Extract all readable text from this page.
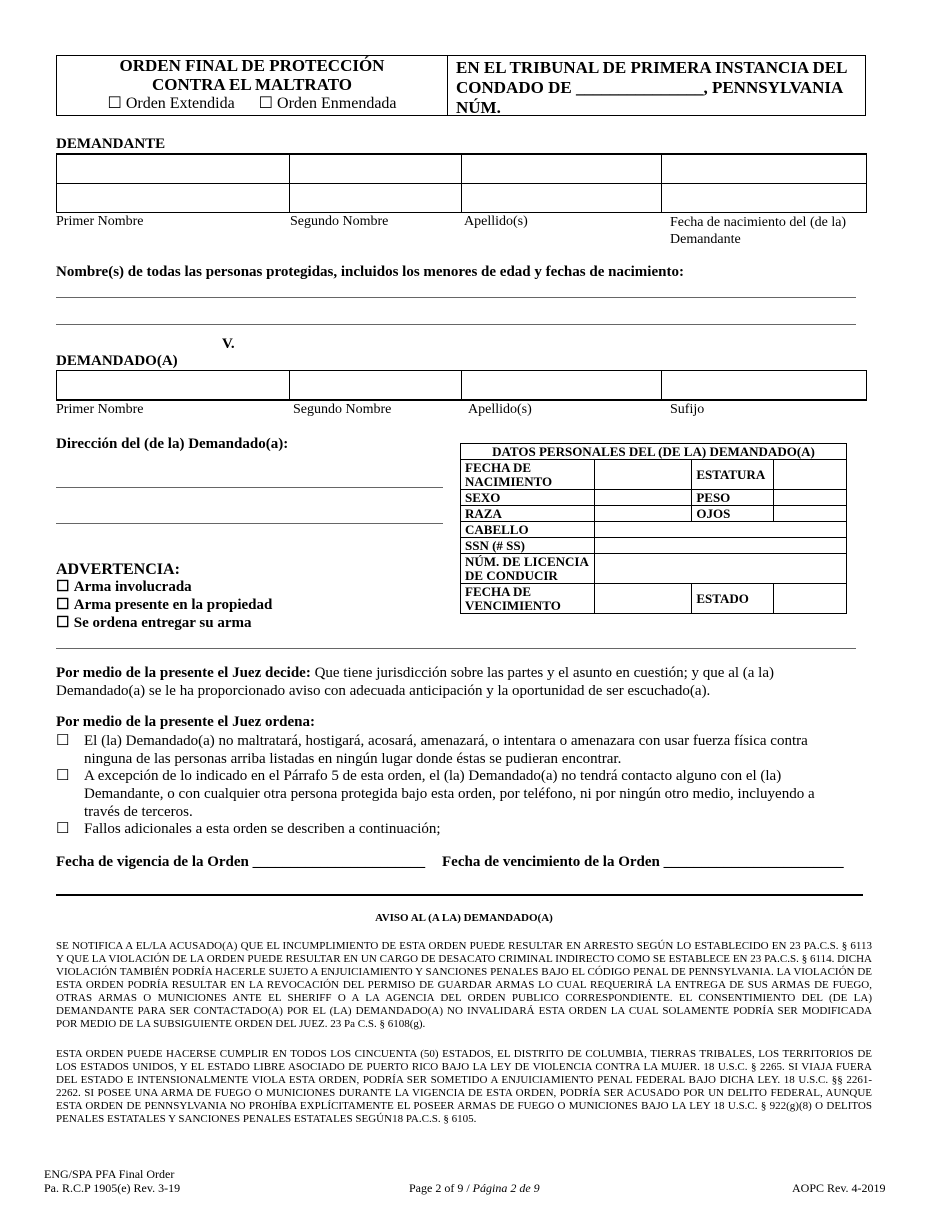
ORDEN FINAL DE PROTECCIÓN
CONTRA EL MALTRATO
☐ Orden Extendida ☐ Orden Enmendada
EN EL TRIBUNAL DE PRIMERA INSTANCIA DEL
CONDADO DE _______________, PENNSYLVANIA
NÚM.
DEMANDANTE
Primer Nombre	Segundo Nombre	Apellido(s)	Fecha de nacimiento del (de la)
Demandante
Nombre(s) de todas las personas protegidas, incluidos los menores de edad y fechas de nacimiento:
V.
DEMANDADO(A)
Primer Nombre	Segundo Nombre	Apellido(s)	Sufijo
Dirección del (de la) Demandado(a):	DATOS PERSONALES DEL (DE LA) DEMANDADO(A)			
FECHA DE NACIMIENTO		ESTATURA	
SEXO		PESO	
RAZA		OJOS	
CABELLO			
SSN (# SS)			
NÚM. DE LICENCIA DE CONDUCIR			
FECHA DE VENCIMIENTO		ESTADO	
ADVERTENCIA:
☐ Arma involucrada
☐ Arma presente en la propiedad
☐ Se ordena entregar su arma
Por medio de la presente el Juez decide: Que tiene jurisdicción sobre las partes y el asunto en cuestión; y que al (a la) Demandado(a) se le ha proporcionado aviso con adecuada anticipación y la oportunidad de ser escuchado(a).
Por medio de la presente el Juez ordena:
☐ El (la) Demandado(a) no maltratará, hostigará, acosará, amenazará, o intentara o amenazara con usar fuerza física contra
ninguna de las personas arriba listadas en ningún lugar donde éstas se pudieran encontrar.
☐ A excepción de lo indicado en el Párrafo 5 de esta orden, el (la) Demandado(a) no tendrá contacto alguno con el (la)
Demandante, o con cualquier otra persona protegida bajo esta orden, por teléfono, ni por ningún otro medio, incluyendo a
través de terceros.
☐ Fallos adicionales a esta orden se describen a continuación;
Fecha de vigencia de la Orden _______________________ Fecha de vencimiento de la Orden ________________________
AVISO AL (A LA) DEMANDADO(A)
SE NOTIFICA A EL/LA ACUSADO(A) QUE EL INCUMPLIMIENTO DE ESTA ORDEN PUEDE RESULTAR EN ARRESTO SEGÚN LO ESTABLECIDO EN 23 PA.C.S. § 6113 Y QUE LA VIOLACIÓN DE LA ORDEN PUEDE RESULTAR EN UN CARGO DE DESACATO CRIMINAL INDIRECTO COMO SE ESTABLECE EN 23 PA.C.S. § 6114. DICHA VIOLACIÓN TAMBIÉN PODRÍA HACERLE SUJETO A ENJUICIAMIENTO Y SANCIONES PENALES BAJO EL CÓDIGO PENAL DE PENNSYLVANIA. LA VIOLACIÓN DE ESTA ORDEN PODRÍA RESULTAR EN LA REVOCACIÓN DEL PERMISO DE GUARDAR ARMAS LO CUAL REQUERIRÁ LA ENTREGA DE SUS ARMAS DE FUEGO, OTRAS ARMAS O MUNICIONES ANTE EL SHERIFF O A LA AGENCIA DEL ORDEN PUBLICO CORRESPONDIENTE. EL CONSENTIMIENTO DEL (DE LA) DEMANDANTE PARA SER CONTACTADO(A) POR EL (LA) DEMANDADO(A) NO INVALIDARÁ ESTA ORDEN LA CUAL SOLAMENTE PODRÍA SER MODIFICADA POR MEDIO DE LA SUBSIGUIENTE ORDEN DEL JUEZ. 23 Pa C.S. § 6108(g).
ESTA ORDEN PUEDE HACERSE CUMPLIR EN TODOS LOS CINCUENTA (50) ESTADOS, EL DISTRITO DE COLUMBIA, TIERRAS TRIBALES, LOS TERRITORIOS DE LOS ESTADOS UNIDOS, Y EL ESTADO LIBRE ASOCIADO DE PUERTO RICO BAJO LA LEY DE VIOLENCIA CONTRA LA MUJER. 18 U.S.C. § 2265. SI VIAJA FUERA DEL ESTADO E INTENSIONALMENTE VIOLA ESTA ORDEN, PODRÍA SER SOMETIDO A ENJUICIAMIENTO PENAL FEDERAL BAJO DICHA LEY. 18 U.S.C. §§ 2261-2262. SI POSEE UNA ARMA DE FUEGO O MUNICIONES DURANTE LA VIGENCIA DE ESTA ORDEN, PODRÍA SER ACUSADO POR UN DELITO FEDERAL, AUNQUE ESTA ORDEN DE PENNSYLVANIA NO PROHÍBA EXPLÍCITAMENTE EL POSEER ARMAS DE FUEGO O MUNICIONES BAJO LA LEY 18 U.S.C. § 922(g)(8) O DELITOS PENALES ESTATALES Y SANCIONES PENALES ESTATALES SEGÚN18 PA.C.S. § 6105.
ENG/SPA PFA Final Order
Pa. R.C.P 1905(e) Rev. 3-19	Page 2 of 9 / Página 2 de 9	AOPC Rev. 4-2019
